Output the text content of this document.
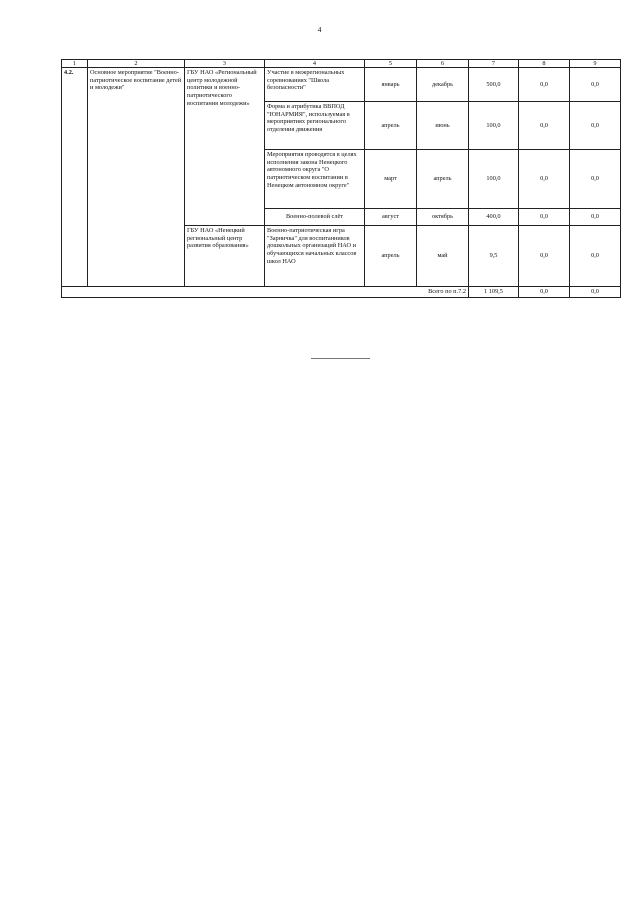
4
1	2	3	4	5	6	7	8	9
4.2.	Основное мероприятие "Военно-патриотическое воспитание детей и молодежи"	ГБУ НАО «Региональный центр молодежной политики и военно-патриотического воспитания молодежи»	Участие в межрегиональных соревнованиях "Школа безопасности"	январь	декабрь	500,0	0,0	0,0
			Форма и атрибутика ВВПОД "ЮНАРМИЯ", используемая в мероприятиях регионального отделения движения	апрель	июнь	100,0	0,0	0,0
			Мероприятия проводятся в целях исполнения закона Ненецкого автономного округа "О патриотическом воспитании в Ненецком автономном округе"	март	апрель	100,0	0,0	0,0
			Военно-полевой слёт	август	октябрь	400,0	0,0	0,0
		ГБУ НАО «Ненецкий региональный центр развития образования»	Военно-патриотическая игра "Зарничка" для воспитанников дошкольных организаций НАО и обучающихся начальных классов школ НАО	апрель	май	9,5	0,0	0,0
Всего по п.7.2						1 109,5	0,0	0,0
